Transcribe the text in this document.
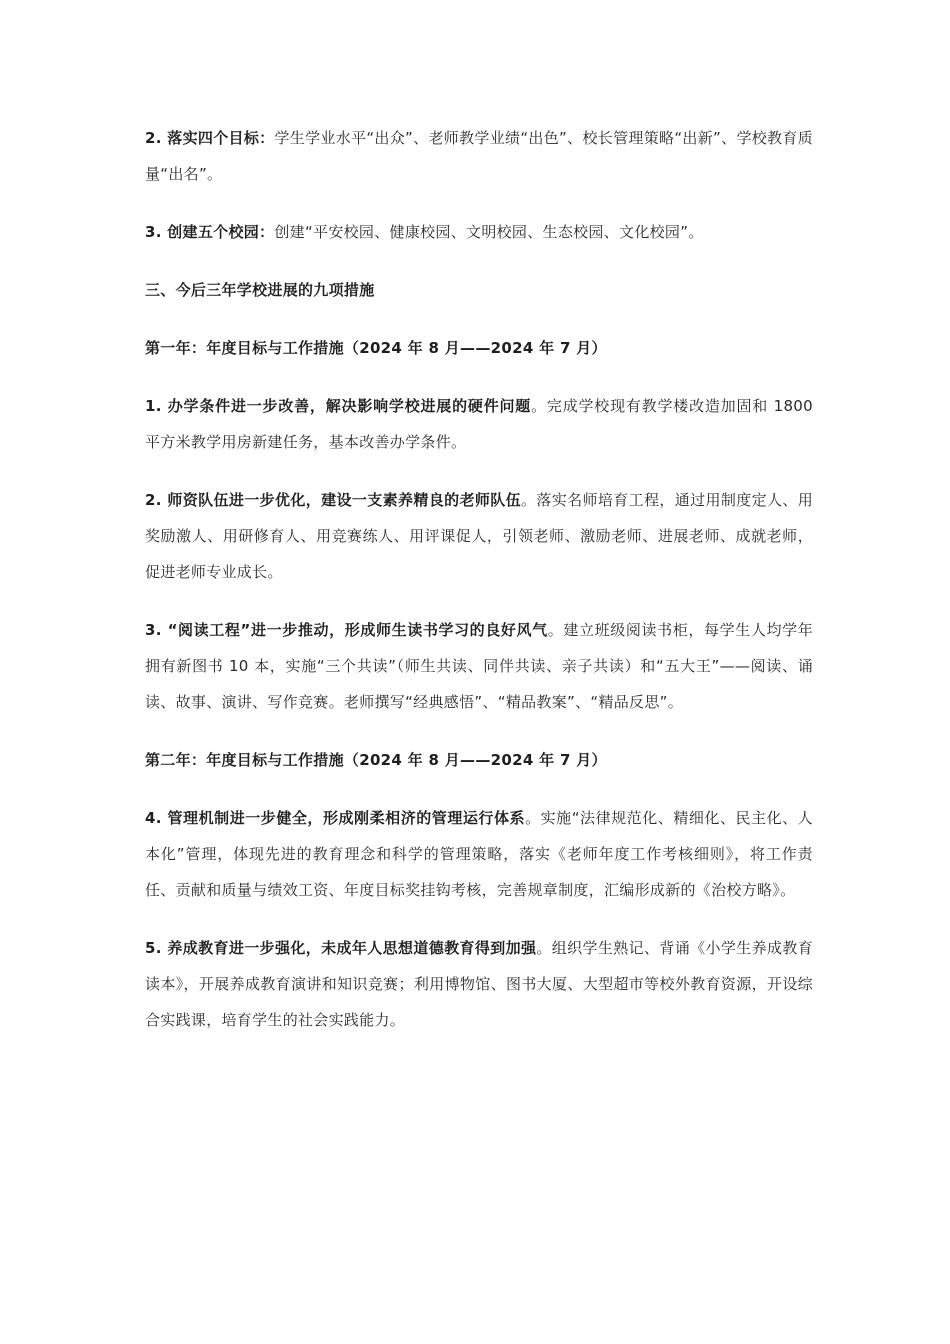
2. 落实四个目标：学生学业水平“出众”、老师教学业绩“出色”、校长管理策略“出新”、学校教育质量“出名”。

3. 创建五个校园：创建“平安校园、健康校园、文明校园、生态校园、文化校园”。

三、今后三年学校进展的九项措施

第一年：年度目标与工作措施（2024 年 8 月——2024 年 7 月）

1. 办学条件进一步改善，解决影响学校进展的硬件问题。完成学校现有教学楼改造加固和 1800 平方米教学用房新建任务，基本改善办学条件。

2. 师资队伍进一步优化，建设一支素养精良的老师队伍。落实名师培育工程，通过用制度定人、用奖励激人、用研修育人、用竞赛练人、用评课促人，引领老师、激励老师、进展老师、成就老师，促进老师专业成长。

3. “阅读工程”进一步推动，形成师生读书学习的良好风气。建立班级阅读书柜，每学生人均学年拥有新图书 10 本，实施“三个共读”（师生共读、同伴共读、亲子共读）和“五大王”——阅读、诵读、故事、演讲、写作竞赛。老师撰写“经典感悟”、“精品教案”、“精品反思”。

第二年：年度目标与工作措施（2024 年 8 月——2024 年 7 月）

4. 管理机制进一步健全，形成刚柔相济的管理运行体系。实施“法律规范化、精细化、民主化、人本化”管理，体现先进的教育理念和科学的管理策略，落实《老师年度工作考核细则》，将工作责任、贡献和质量与绩效工资、年度目标奖挂钩考核，完善规章制度，汇编形成新的《治校方略》。

5. 养成教育进一步强化，未成年人思想道德教育得到加强。组织学生熟记、背诵《小学生养成教育读本》，开展养成教育演讲和知识竞赛；利用博物馆、图书大厦、大型超市等校外教育资源，开设综合实践课，培育学生的社会实践能力。
